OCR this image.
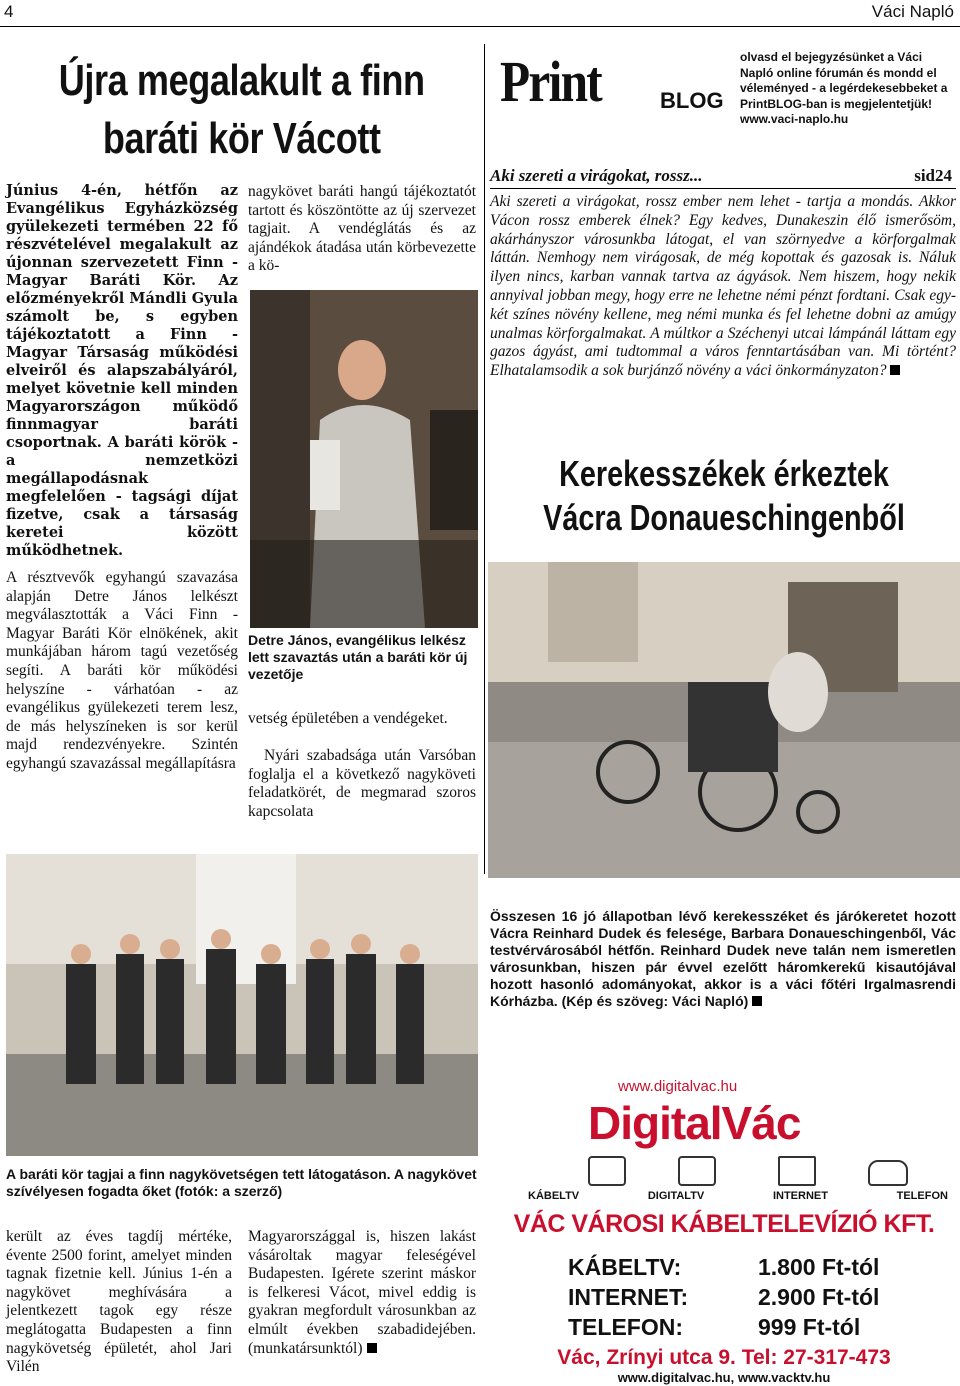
4	Váci Napló
Újra megalakult a finn
baráti kör Vácott
Június 4-én, hétfőn az Evangélikus Egyházközség gyülekezeti termében 22 fő részvételével megalakult az újonnan szervezetett Finn - Magyar Baráti Kör. Az előzményekről Mándli Gyula számolt be, s egyben tájékoztatott a Finn - Magyar Társaság működési elveiről és alapszabályáról, melyet követnie kell minden Magyarországon működő finnmagyar baráti csoportnak. A baráti körök - a nemzetközi megállapodásnak megfelelően - tagsági díjat fizetve, csak a társaság keretei között működhetnek.
nagykövet baráti hangú tájékoztatót tartott és köszöntötte az új szervezet tagjait. A vendéglátás és az ajándékok átadása után körbevezette a kö-
Detre János, evangélikus lelkész lett szavaztás után a baráti kör új vezetője
A résztvevők egyhangú szavazása alapján Detre János lelkészt megválasztották a Váci Finn - Magyar Baráti Kör elnökének, akit munkájában három tagú vezetőség segíti. A baráti kör működési helyszíne - várhatóan - az evangélikus gyülekezeti terem lesz, de más helyszíneken is sor kerül majd rendezvényekre. Szintén egyhangú szavazással megállapításra
vetség épületében a vendégeket.
Nyári szabadsága után Varsóban foglalja el a következő nagyköveti feladatkörét, de megmarad szoros kapcsolata
A baráti kör tagjai a finn nagykövetségen tett látogatáson. A nagykövet szívélyesen fogadta őket (fotók: a szerző)
került az éves tagdíj mértéke, évente 2500 forint, amelyet minden tagnak fizetnie kell. Június 1-én a nagykövet meghívására a jelentkezett tagok egy része meglátogatta Budapesten a finn nagykövetség épületét, ahol Jari Vilén
Magyarországgal is, hiszen lakást vásároltak magyar feleségével Budapesten. Igérete szerint máskor is felkeresi Vácot, mivel eddig is gyakran megfordult városunkban az elmúlt években szabadidejében. (munkatársunktól)
Print	BLOG
olvasd el bejegyzésünket a Váci Napló online fórumán és mondd el véleményed - a legérdekesebbeket a PrintBLOG-ban is megjelentetjük! www.vaci-naplo.hu
Aki szereti a virágokat, rossz...	sid24
Aki szereti a virágokat, rossz ember nem lehet - tartja a mondás. Akkor Vácon rossz emberek élnek? Egy kedves, Dunakeszin élő ismerősöm, akárhányszor városunkba látogat, el van szörnyedve a körforgalmak láttán. Nemhogy nem virágosak, de még kopottak és gazosak is. Náluk ilyen nincs, karban vannak tartva az ágyások. Nem hiszem, hogy nekik annyival jobban megy, hogy erre ne lehetne némi pénzt fordtani. Csak egy-két színes növény kellene, meg némi munka és fel lehetne dobni az amúgy unalmas körforgalmakat. A múltkor a Széchenyi utcai lámpánál láttam egy gazos ágyást, ami tudtommal a város fenntartásában van. Mi történt? Elhatalamsodik a sok burjánző növény a váci önkormányzaton?
Kerekesszékek érkeztek
Vácra Donaueschingenből
Összesen 16 jó állapotban lévő kerekesszéket és járókeretet hozott Vácra Reinhard Dudek és felesége, Barbara Donaueschingenből, Vác testvérvárosából hétfőn. Reinhard Dudek neve talán nem ismeretlen városunkban, hiszen pár évvel ezelőtt háromkerekű kisautójával hozott hasonló adományokat, akkor is a váci főtéri Irgalmasrendi Kórházba. (Kép és szöveg: Váci Napló)
www.digitalvac.hu
DigitalVác
KÁBELTV	DIGITALTV	INTERNET	TELEFON
VÁC VÁROSI KÁBELTELEVÍZIÓ KFT.
KÁBELTV:	1.800 Ft-tól
INTERNET:	2.900 Ft-tól
TELEFON:	999 Ft-tól
Vác, Zrínyi utca 9. Tel: 27-317-473
www.digitalvac.hu, www.vacktv.hu
